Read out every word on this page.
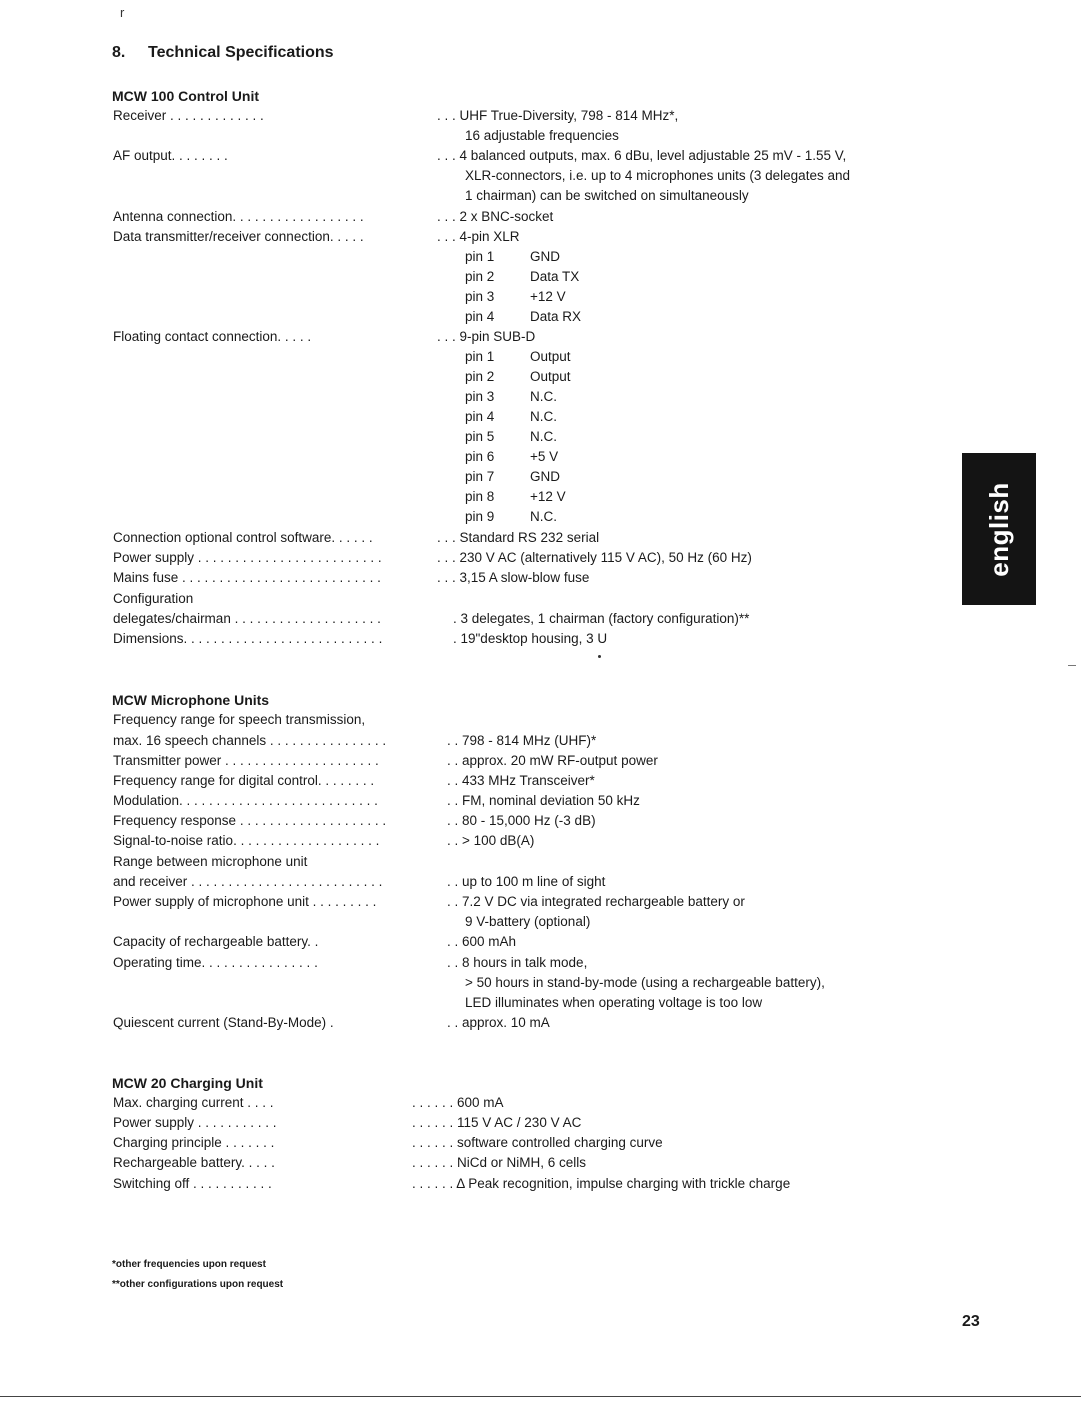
r
8. Technical Specifications
MCW 100 Control Unit
Receiver . . . . . . . . . . . . .	. . . UHF True-Diversity, 798 - 814 MHz*,
16 adjustable frequencies
AF output. . . . . . . .	. . . 4 balanced outputs, max. 6 dBu, level adjustable 25 mV - 1.55 V,
XLR-connectors, i.e. up to 4 microphones units (3 delegates and
1 chairman) can be switched on simultaneously
Antenna connection. . . . . . . . . . . . . . . . . .	. . . 2 x BNC-socket
Data transmitter/receiver connection. . . . .	. . . 4-pin XLR
pin 1	GND
pin 2	Data TX
pin 3	+12 V
pin 4	Data RX
Floating contact connection. . . . .	. . . 9-pin SUB-D
pin 1	Output
pin 2	Output
pin 3	N.C.
pin 4	N.C.
pin 5	N.C.
pin 6	+5 V
pin 7	GND
pin 8	+12 V
pin 9	N.C.
Connection optional control software. . . . . .	. . . Standard RS 232 serial
Power supply . . . . . . . . . . . . . . . . . . . . . . . . .	. . . 230 V AC (alternatively 115 V AC), 50 Hz (60 Hz)
Mains fuse . . . . . . . . . . . . . . . . . . . . . . . . . . .	. . . 3,15 A slow-blow fuse
Configuration
delegates/chairman . . . . . . . . . . . . . . . . . . . .	. 3 delegates, 1 chairman (factory configuration)**
Dimensions. . . . . . . . . . . . . . . . . . . . . . . . . . .	. 19"desktop housing, 3 U
MCW Microphone Units
Frequency range for speech transmission,
max. 16 speech channels . . . . . . . . . . . . . . . .	. . 798 - 814 MHz (UHF)*
Transmitter power . . . . . . . . . . . . . . . . . . . . .	. . approx. 20 mW RF-output power
Frequency range for digital control. . . . . . . .	. . 433 MHz Transceiver*
Modulation. . . . . . . . . . . . . . . . . . . . . . . . . . .	. . FM, nominal deviation 50 kHz
Frequency response . . . . . . . . . . . . . . . . . . . .	. . 80 - 15,000 Hz (-3 dB)
Signal-to-noise ratio. . . . . . . . . . . . . . . . . . . .	. . > 100 dB(A)
Range between microphone unit
and receiver . . . . . . . . . . . . . . . . . . . . . . . . . .	. . up to 100 m line of sight
Power supply of microphone unit . . . . . . . . .	. . 7.2 V DC via integrated rechargeable battery or
9 V-battery (optional)
Capacity of rechargeable battery. .	. . 600 mAh
Operating time. . . . . . . . . . . . . . . .	. . 8 hours in talk mode,
> 50 hours in stand-by-mode (using a rechargeable battery),
LED illuminates when operating voltage is too low
Quiescent current (Stand-By-Mode) .	. . approx. 10 mA
MCW 20 Charging Unit
Max. charging current . . . .	. . . . . . 600 mA
Power supply . . . . . . . . . . .	. . . . . . 115 V AC / 230 V AC
Charging principle . . . . . . .	. . . . . . software controlled charging curve
Rechargeable battery. . . . .	. . . . . . NiCd or NiMH, 6 cells
Switching off . . . . . . . . . . .	. . . . . . Δ Peak recognition, impulse charging with trickle charge
english
*other frequencies upon request
**other configurations upon request
23
